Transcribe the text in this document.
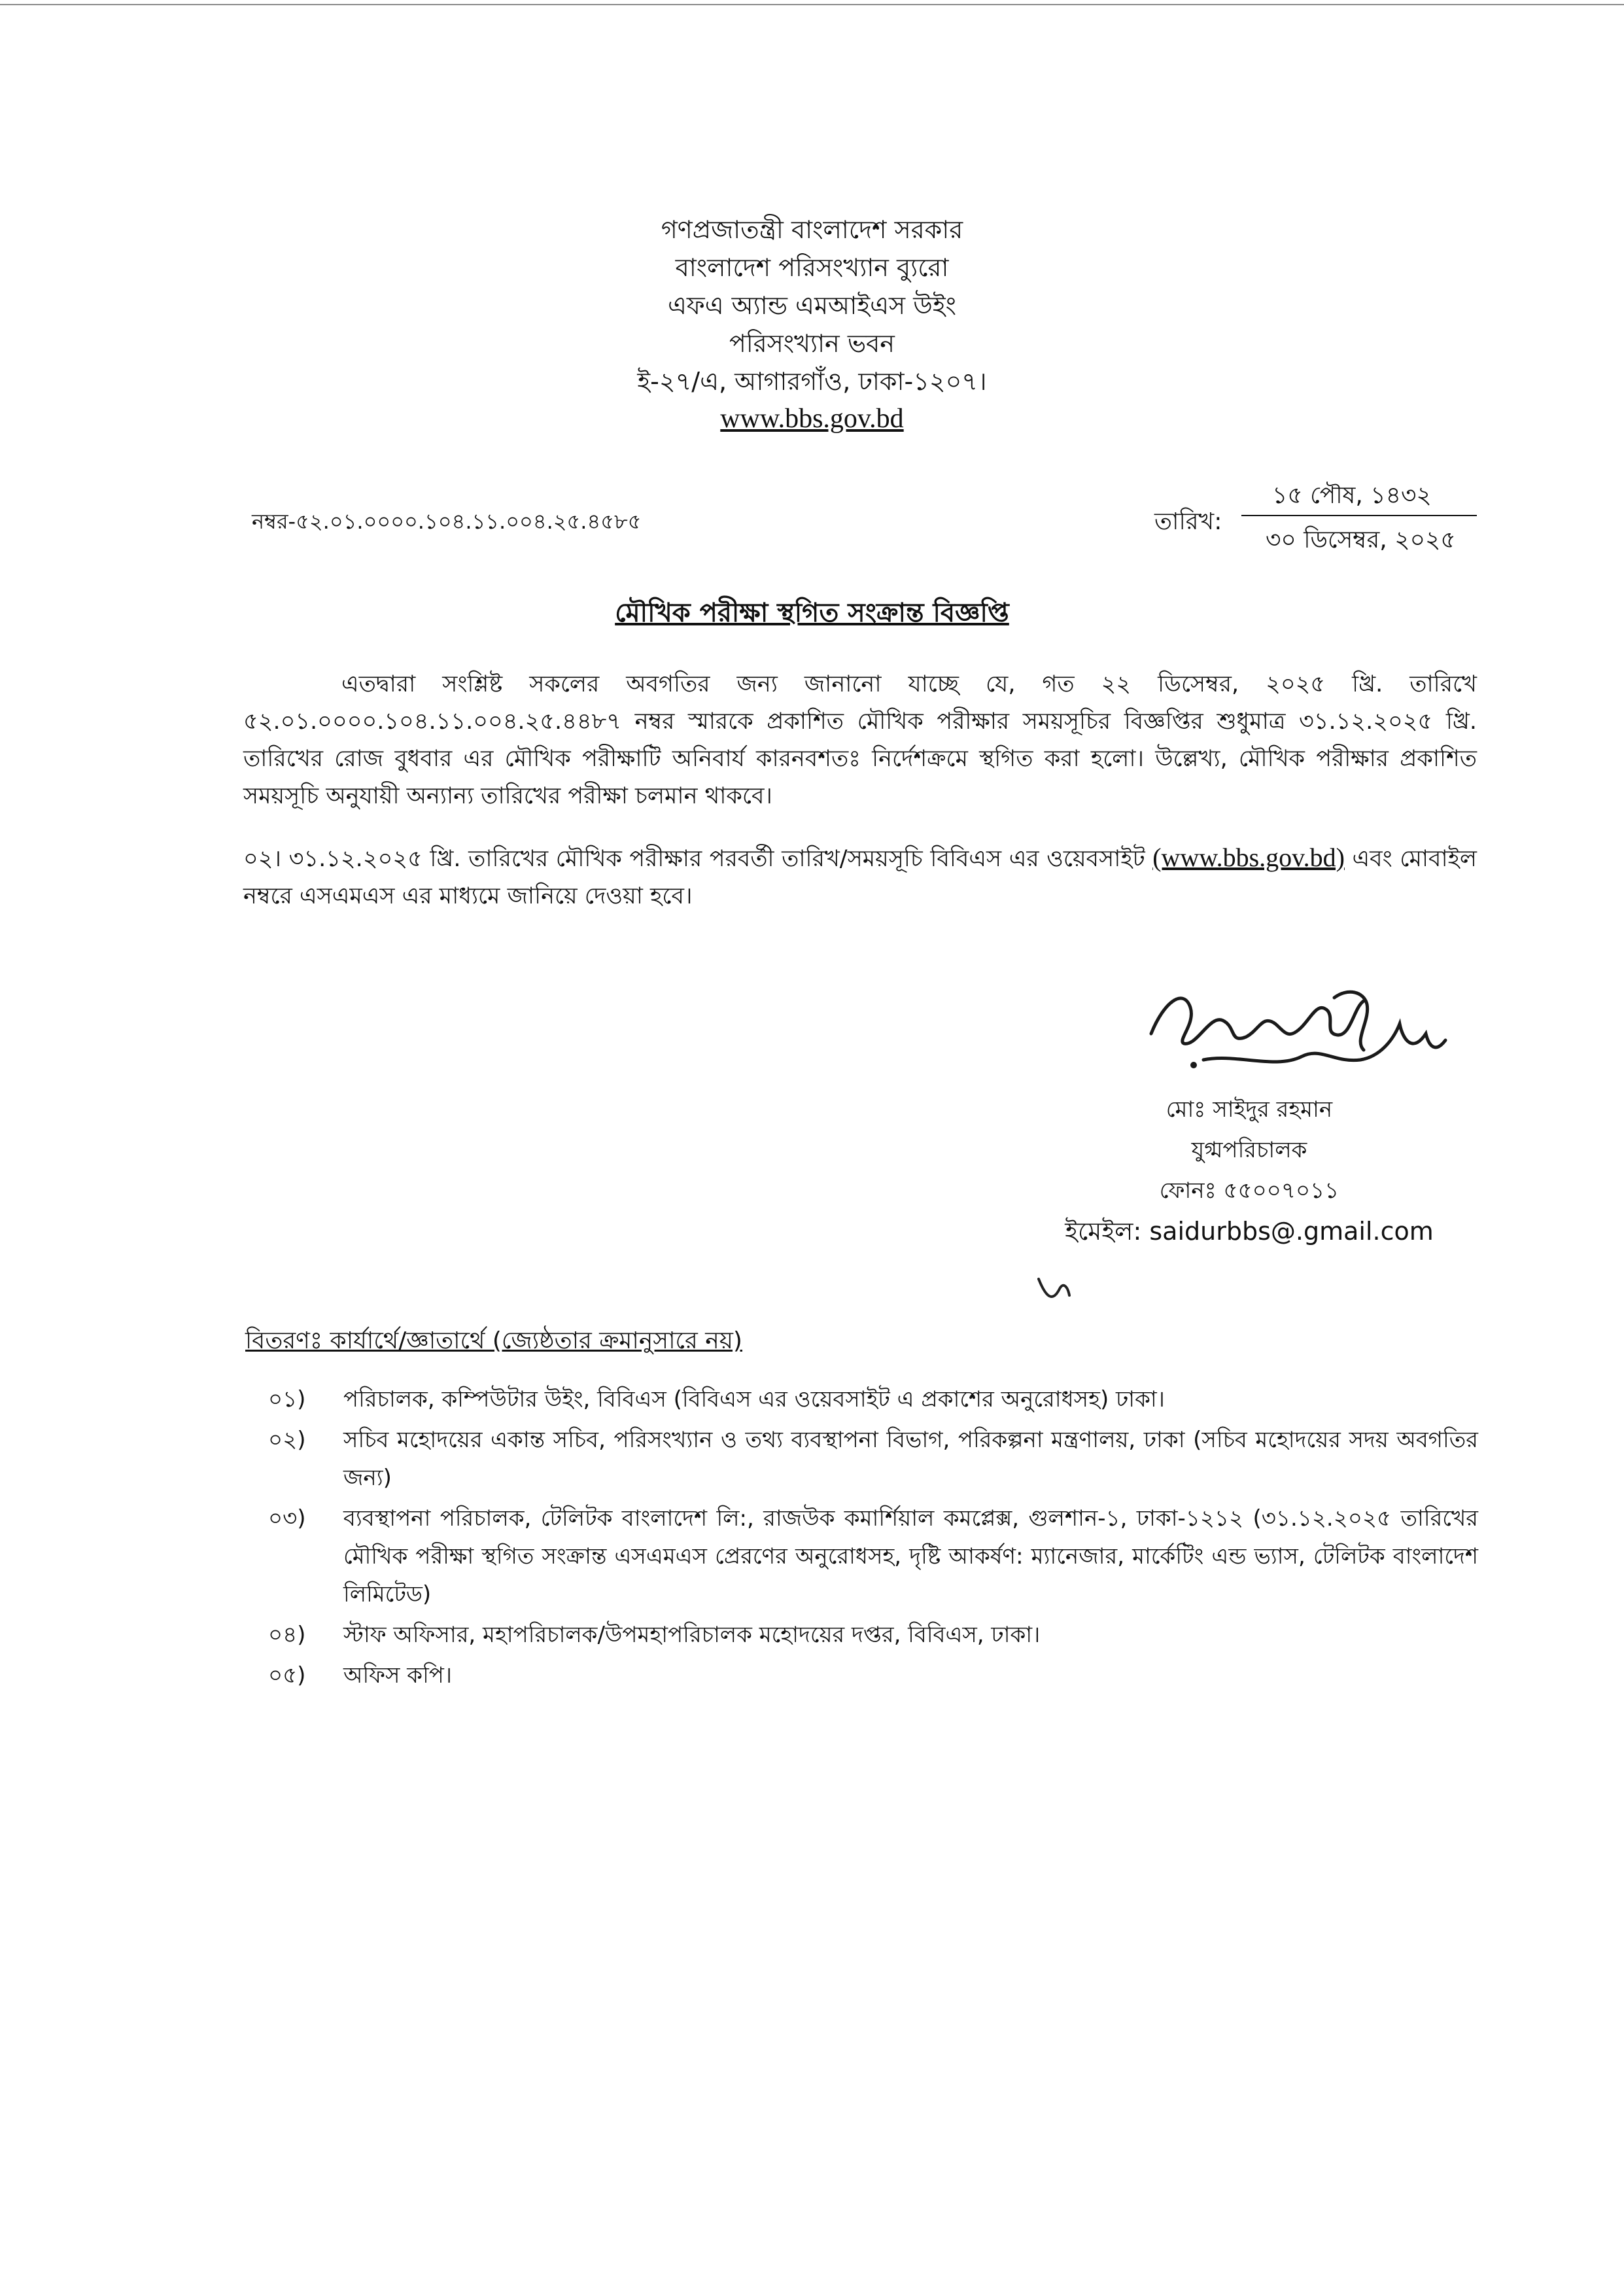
গণপ্রজাতন্ত্রী বাংলাদেশ সরকার
বাংলাদেশ পরিসংখ্যান ব্যুরো
এফএ অ্যান্ড এমআইএস উইং
পরিসংখ্যান ভবন
ই-২৭/এ, আগারগাঁও, ঢাকা-১২০৭।
www.bbs.gov.bd
নম্বর-৫২.০১.০০০০.১০৪.১১.০০৪.২৫.৪৫৮৫	তারিখ:
১৫ পৌষ, ১৪৩২
৩০ ডিসেম্বর, ২০২৫
মৌখিক পরীক্ষা স্থগিত সংক্রান্ত বিজ্ঞপ্তি
এতদ্বারা সংশ্লিষ্ট সকলের অবগতির জন্য জানানো যাচ্ছে যে, গত ২২ ডিসেম্বর, ২০২৫ খ্রি. তারিখে ৫২.০১.০০০০.১০৪.১১.০০৪.২৫.৪৪৮৭ নম্বর স্মারকে প্রকাশিত মৌখিক পরীক্ষার সময়সূচির বিজ্ঞপ্তির শুধুমাত্র ৩১.১২.২০২৫ খ্রি. তারিখের রোজ বুধবার এর মৌখিক পরীক্ষাটি অনিবার্য কারনবশতঃ নির্দেশক্রমে স্থগিত করা হলো। উল্লেখ্য, মৌখিক পরীক্ষার প্রকাশিত সময়সূচি অনুযায়ী অন্যান্য তারিখের পরীক্ষা চলমান থাকবে।
০২। ৩১.১২.২০২৫ খ্রি. তারিখের মৌখিক পরীক্ষার পরবর্তী তারিখ/সময়সূচি বিবিএস এর ওয়েবসাইট (www.bbs.gov.bd) এবং মোবাইল নম্বরে এসএমএস এর মাধ্যমে জানিয়ে দেওয়া হবে।
মোঃ সাইদুর রহমান
যুগ্মপরিচালক
ফোনঃ ৫৫০০৭০১১
ইমেইল: saidurbbs@.gmail.com
বিতরণঃ কার্যার্থে/জ্ঞাতার্থে (জ্যেষ্ঠতার ক্রমানুসারে নয়)
০১)	পরিচালক, কম্পিউটার উইং, বিবিএস (বিবিএস এর ওয়েবসাইট এ প্রকাশের অনুরোধসহ) ঢাকা।
০২)	সচিব মহোদয়ের একান্ত সচিব, পরিসংখ্যান ও তথ্য ব্যবস্থাপনা বিভাগ, পরিকল্পনা মন্ত্রণালয়, ঢাকা (সচিব মহোদয়ের সদয় অবগতির জন্য)
০৩)	ব্যবস্থাপনা পরিচালক, টেলিটক বাংলাদেশ লি:, রাজউক কমার্শিয়াল কমপ্লেক্স, গুলশান-১, ঢাকা-১২১২ (৩১.১২.২০২৫ তারিখের মৌখিক পরীক্ষা স্থগিত সংক্রান্ত এসএমএস প্রেরণের অনুরোধসহ, দৃষ্টি আকর্ষণ: ম্যানেজার, মার্কেটিং এন্ড ভ্যাস, টেলিটক বাংলাদেশ লিমিটেড)
০৪)	স্টাফ অফিসার, মহাপরিচালক/উপমহাপরিচালক মহোদয়ের দপ্তর, বিবিএস, ঢাকা।
০৫)	অফিস কপি।
